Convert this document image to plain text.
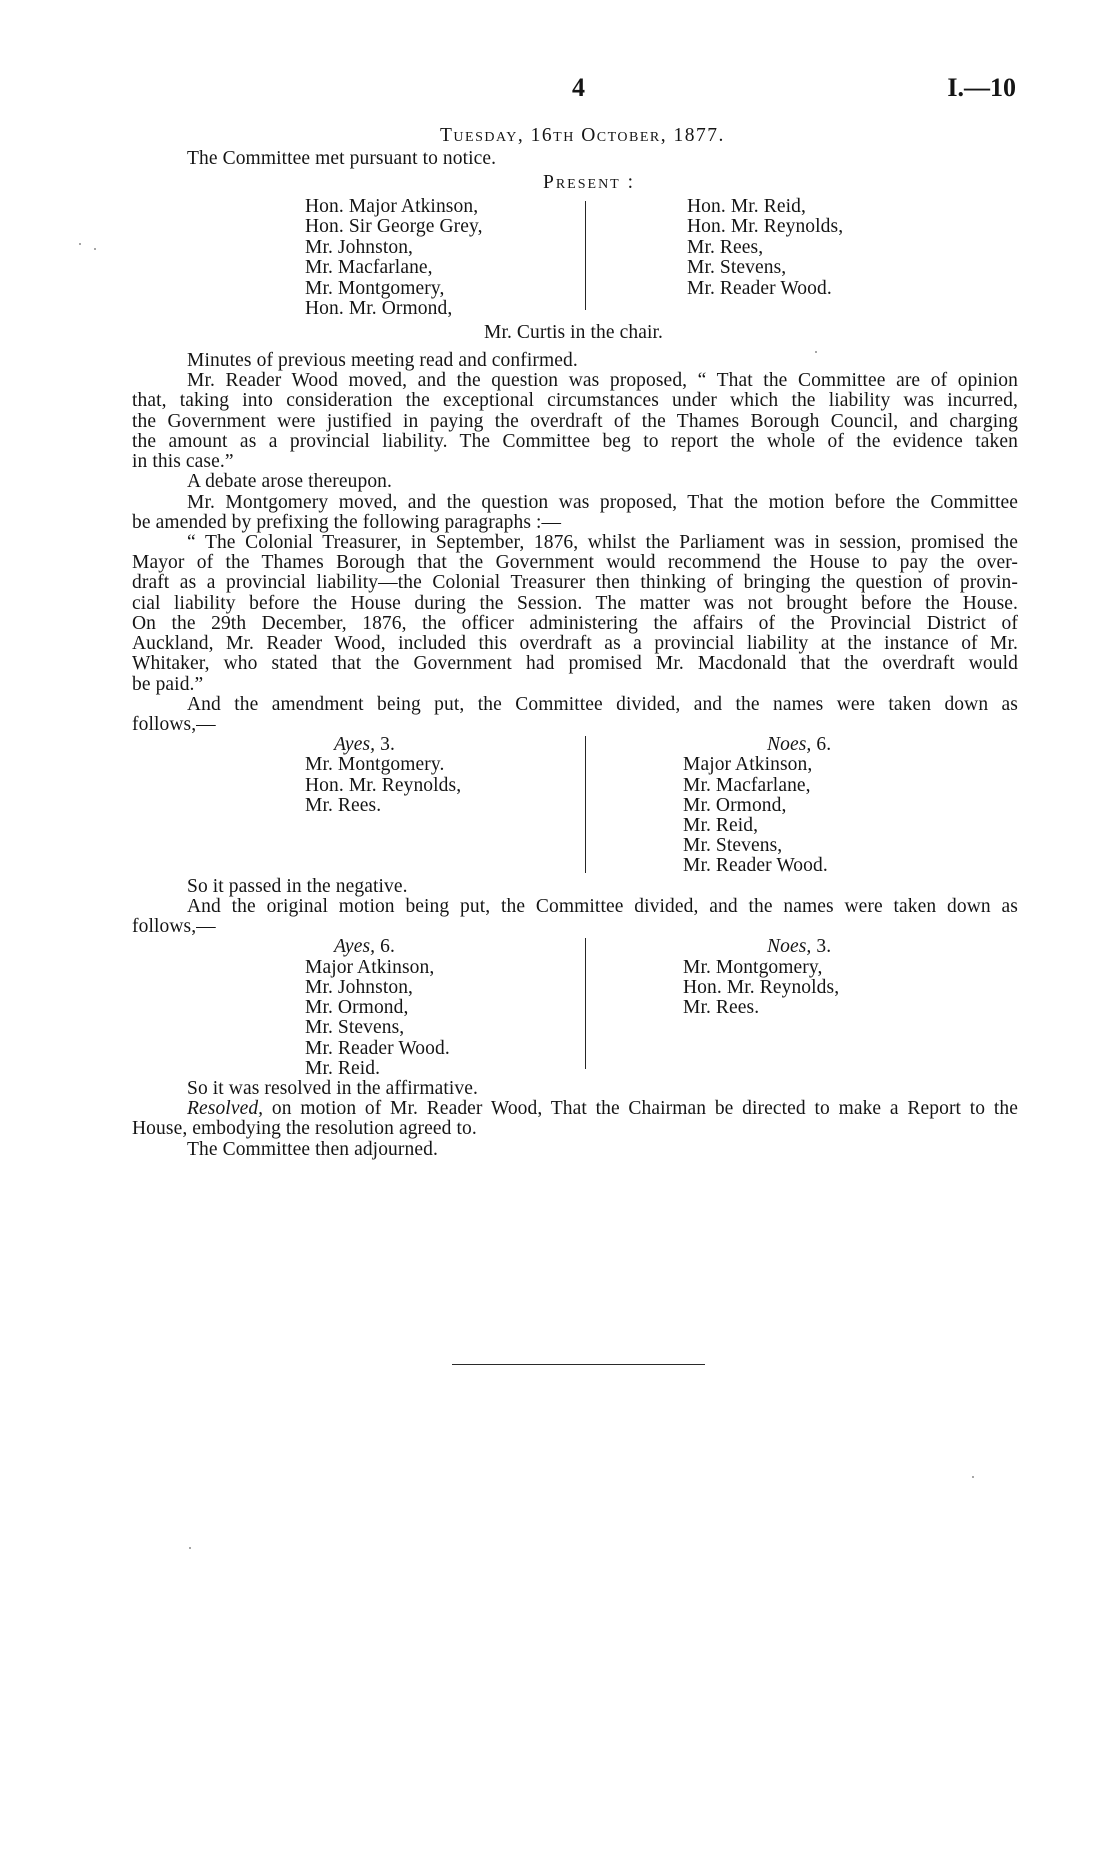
4	I.—10
Tuesday, 16th October, 1877.
The Committee met pursuant to notice.
Present :
Hon. Major Atkinson,
Hon. Sir George Grey,
Mr. Johnston,
Mr. Macfarlane,
Mr. Montgomery,
Hon. Mr. Ormond,
Hon. Mr. Reid,
Hon. Mr. Reynolds,
Mr. Rees,
Mr. Stevens,
Mr. Reader Wood.
Mr. Curtis in the chair.
Minutes of previous meeting read and confirmed.
Mr. Reader Wood moved, and the question was proposed, “ That the Committee are of opinion
that, taking into consideration the exceptional circumstances under which the liability was incurred,
the Government were justified in paying the overdraft of the Thames Borough Council, and charging
the amount as a provincial liability. The Committee beg to report the whole of the evidence taken
in this case.”
A debate arose thereupon.
Mr. Montgomery moved, and the question was proposed, That the motion before the Committee
be amended by prefixing the following paragraphs :—
“ The Colonial Treasurer, in September, 1876, whilst the Parliament was in session, promised the
Mayor of the Thames Borough that the Government would recommend the House to pay the over-
draft as a provincial liability—the Colonial Treasurer then thinking of bringing the question of provin-
cial liability before the House during the Session. The matter was not brought before the House.
On the 29th December, 1876, the officer administering the affairs of the Provincial District of
Auckland, Mr. Reader Wood, included this overdraft as a provincial liability at the instance of Mr.
Whitaker, who stated that the Government had promised Mr. Macdonald that the overdraft would
be paid.”
And the amendment being put, the Committee divided, and the names were taken down as
follows,—
Ayes, 3.
Mr. Montgomery.
Hon. Mr. Reynolds,
Mr. Rees.
Noes, 6.
Major Atkinson,
Mr. Macfarlane,
Mr. Ormond,
Mr. Reid,
Mr. Stevens,
Mr. Reader Wood.
So it passed in the negative.
And the original motion being put, the Committee divided, and the names were taken down as
follows,—
Ayes, 6.
Major Atkinson,
Mr. Johnston,
Mr. Ormond,
Mr. Stevens,
Mr. Reader Wood.
Mr. Reid.
Noes, 3.
Mr. Montgomery,
Hon. Mr. Reynolds,
Mr. Rees.
So it was resolved in the affirmative.
Resolved, on motion of Mr. Reader Wood, That the Chairman be directed to make a Report to the
House, embodying the resolution agreed to.
The Committee then adjourned.
